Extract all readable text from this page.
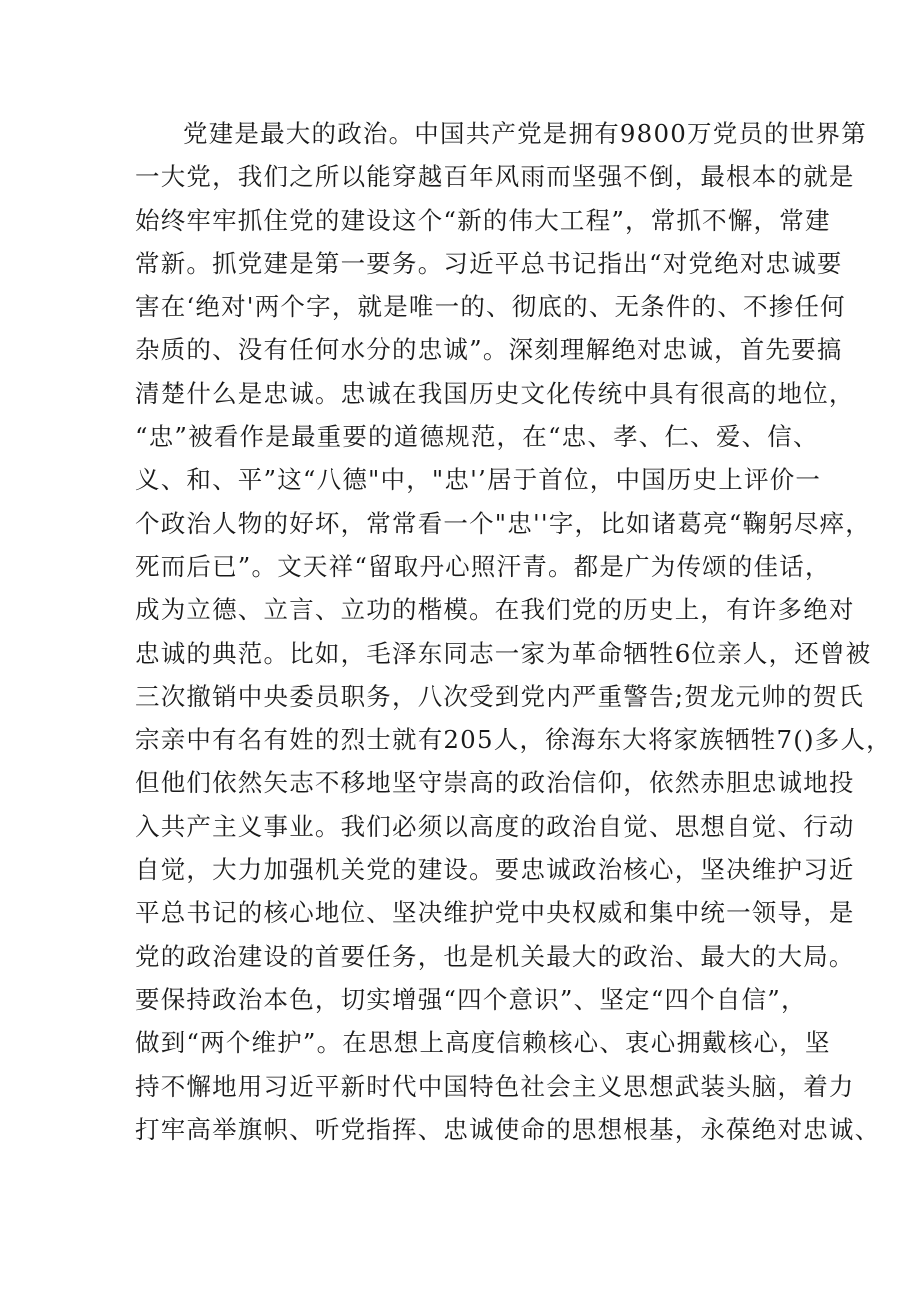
党建是最大的政治。中国共产党是拥有9800万党员的世界第
一大党，我们之所以能穿越百年风雨而坚强不倒，最根本的就是
始终牢牢抓住党的建设这个“新的伟大工程”，常抓不懈，常建
常新。抓党建是第一要务。习近平总书记指出“对党绝对忠诚要
害在‘绝对'两个字，就是唯一的、彻底的、无条件的、不掺任何
杂质的、没有任何水分的忠诚”。深刻理解绝对忠诚，首先要搞
清楚什么是忠诚。忠诚在我国历史文化传统中具有很高的地位，
“忠”被看作是最重要的道德规范，在“忠、孝、仁、爱、信、
义、和、平”这“八德"中，"忠'’居于首位，中国历史上评价一
个政治人物的好坏，常常看一个"忠''字，比如诸葛亮“鞠躬尽瘁，
死而后已”。文天祥“留取丹心照汗青。都是广为传颂的佳话，
成为立德、立言、立功的楷模。在我们党的历史上，有许多绝对
忠诚的典范。比如，毛泽东同志一家为革命牺牲6位亲人，还曾被
三次撤销中央委员职务，八次受到党内严重警告;贺龙元帅的贺氏
宗亲中有名有姓的烈士就有205人，徐海东大将家族牺牲7()多人，
但他们依然矢志不移地坚守崇高的政治信仰，依然赤胆忠诚地投
入共产主义事业。我们必须以高度的政治自觉、思想自觉、行动
自觉，大力加强机关党的建设。要忠诚政治核心，坚决维护习近
平总书记的核心地位、坚决维护党中央权威和集中统一领导，是
党的政治建设的首要任务，也是机关最大的政治、最大的大局。
要保持政治本色，切实增强“四个意识”、坚定“四个自信”，
做到“两个维护”。在思想上高度信赖核心、衷心拥戴核心，坚
持不懈地用习近平新时代中国特色社会主义思想武装头脑，着力
打牢高举旗帜、听党指挥、忠诚使命的思想根基，永葆绝对忠诚、
